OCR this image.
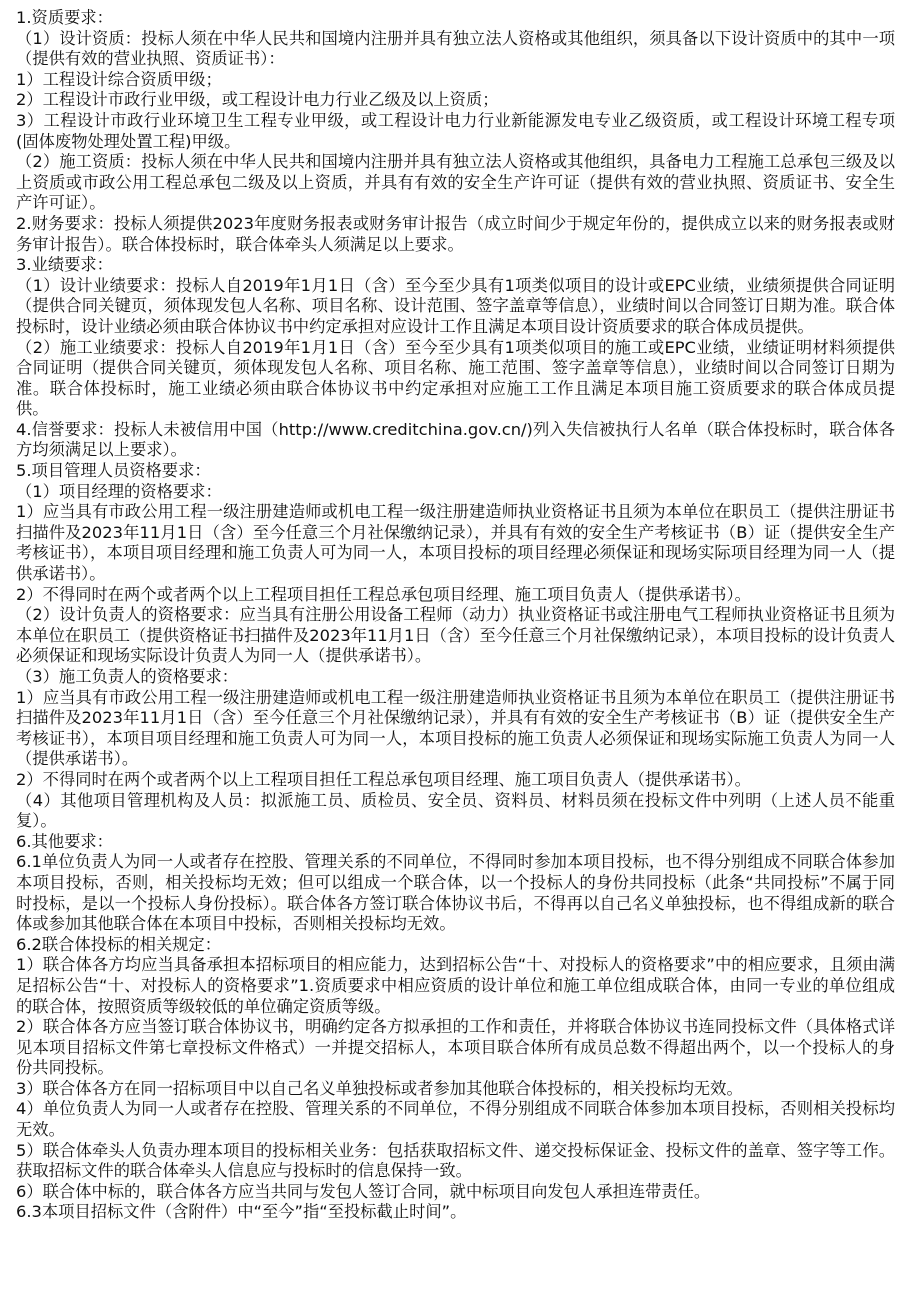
1.资质要求：

（1）设计资质：投标人须在中华人民共和国境内注册并具有独立法人资格或其他组织，须具备以下设计资质中的其中一项（提供有效的营业执照、资质证书）：

1）工程设计综合资质甲级；

2）工程设计市政行业甲级，或工程设计电力行业乙级及以上资质；

3）工程设计市政行业环境卫生工程专业甲级，或工程设计电力行业新能源发电专业乙级资质，或工程设计环境工程专项(固体废物处理处置工程)甲级。

（2）施工资质：投标人须在中华人民共和国境内注册并具有独立法人资格或其他组织，具备电力工程施工总承包三级及以上资质或市政公用工程总承包二级及以上资质，并具有有效的安全生产许可证（提供有效的营业执照、资质证书、安全生产许可证）。

2.财务要求：投标人须提供2023年度财务报表或财务审计报告（成立时间少于规定年份的，提供成立以来的财务报表或财务审计报告）。联合体投标时，联合体牵头人须满足以上要求。

3.业绩要求：

（1）设计业绩要求：投标人自2019年1月1日（含）至今至少具有1项类似项目的设计或EPC业绩，业绩须提供合同证明（提供合同关键页，须体现发包人名称、项目名称、设计范围、签字盖章等信息），业绩时间以合同签订日期为准。联合体投标时，设计业绩必须由联合体协议书中约定承担对应设计工作且满足本项目设计资质要求的联合体成员提供。

（2）施工业绩要求：投标人自2019年1月1日（含）至今至少具有1项类似项目的施工或EPC业绩，业绩证明材料须提供合同证明（提供合同关键页，须体现发包人名称、项目名称、施工范围、签字盖章等信息），业绩时间以合同签订日期为准。联合体投标时，施工业绩必须由联合体协议书中约定承担对应施工工作且满足本项目施工资质要求的联合体成员提供。

4.信誉要求：投标人未被信用中国（http://www.creditchina.gov.cn/)列入失信被执行人名单（联合体投标时，联合体各方均须满足以上要求）。

5.项目管理人员资格要求：

（1）项目经理的资格要求：

1）应当具有市政公用工程一级注册建造师或机电工程一级注册建造师执业资格证书且须为本单位在职员工（提供注册证书扫描件及2023年11月1日（含）至今任意三个月社保缴纳记录），并具有有效的安全生产考核证书（B）证（提供安全生产考核证书），本项目项目经理和施工负责人可为同一人，本项目投标的项目经理必须保证和现场实际项目经理为同一人（提供承诺书）。

2）不得同时在两个或者两个以上工程项目担任工程总承包项目经理、施工项目负责人（提供承诺书）。

（2）设计负责人的资格要求：应当具有注册公用设备工程师（动力）执业资格证书或注册电气工程师执业资格证书且须为本单位在职员工（提供资格证书扫描件及2023年11月1日（含）至今任意三个月社保缴纳记录），本项目投标的设计负责人必须保证和现场实际设计负责人为同一人（提供承诺书）。

（3）施工负责人的资格要求：

1）应当具有市政公用工程一级注册建造师或机电工程一级注册建造师执业资格证书且须为本单位在职员工（提供注册证书扫描件及2023年11月1日（含）至今任意三个月社保缴纳记录），并具有有效的安全生产考核证书（B）证（提供安全生产考核证书），本项目项目经理和施工负责人可为同一人，本项目投标的施工负责人必须保证和现场实际施工负责人为同一人（提供承诺书）。

2）不得同时在两个或者两个以上工程项目担任工程总承包项目经理、施工项目负责人（提供承诺书）。

（4）其他项目管理机构及人员：拟派施工员、质检员、安全员、资料员、材料员须在投标文件中列明（上述人员不能重复）。

6.其他要求：

6.1单位负责人为同一人或者存在控股、管理关系的不同单位，不得同时参加本项目投标，也不得分别组成不同联合体参加本项目投标，否则，相关投标均无效；但可以组成一个联合体，以一个投标人的身份共同投标（此条“共同投标”不属于同时投标，是以一个投标人身份投标）。联合体各方签订联合体协议书后，不得再以自己名义单独投标，也不得组成新的联合体或参加其他联合体在本项目中投标，否则相关投标均无效。

6.2联合体投标的相关规定：

1）联合体各方均应当具备承担本招标项目的相应能力，达到招标公告“十、对投标人的资格要求”中的相应要求，且须由满足招标公告“十、对投标人的资格要求”1.资质要求中相应资质的设计单位和施工单位组成联合体，由同一专业的单位组成的联合体，按照资质等级较低的单位确定资质等级。

2）联合体各方应当签订联合体协议书，明确约定各方拟承担的工作和责任，并将联合体协议书连同投标文件（具体格式详见本项目招标文件第七章投标文件格式）一并提交招标人，本项目联合体所有成员总数不得超出两个，以一个投标人的身份共同投标。

3）联合体各方在同一招标项目中以自己名义单独投标或者参加其他联合体投标的，相关投标均无效。

4）单位负责人为同一人或者存在控股、管理关系的不同单位，不得分别组成不同联合体参加本项目投标，否则相关投标均无效。

5）联合体牵头人负责办理本项目的投标相关业务：包括获取招标文件、递交投标保证金、投标文件的盖章、签字等工作。获取招标文件的联合体牵头人信息应与投标时的信息保持一致。

6）联合体中标的，联合体各方应当共同与发包人签订合同，就中标项目向发包人承担连带责任。

6.3本项目招标文件（含附件）中“至今”指“至投标截止时间”。
